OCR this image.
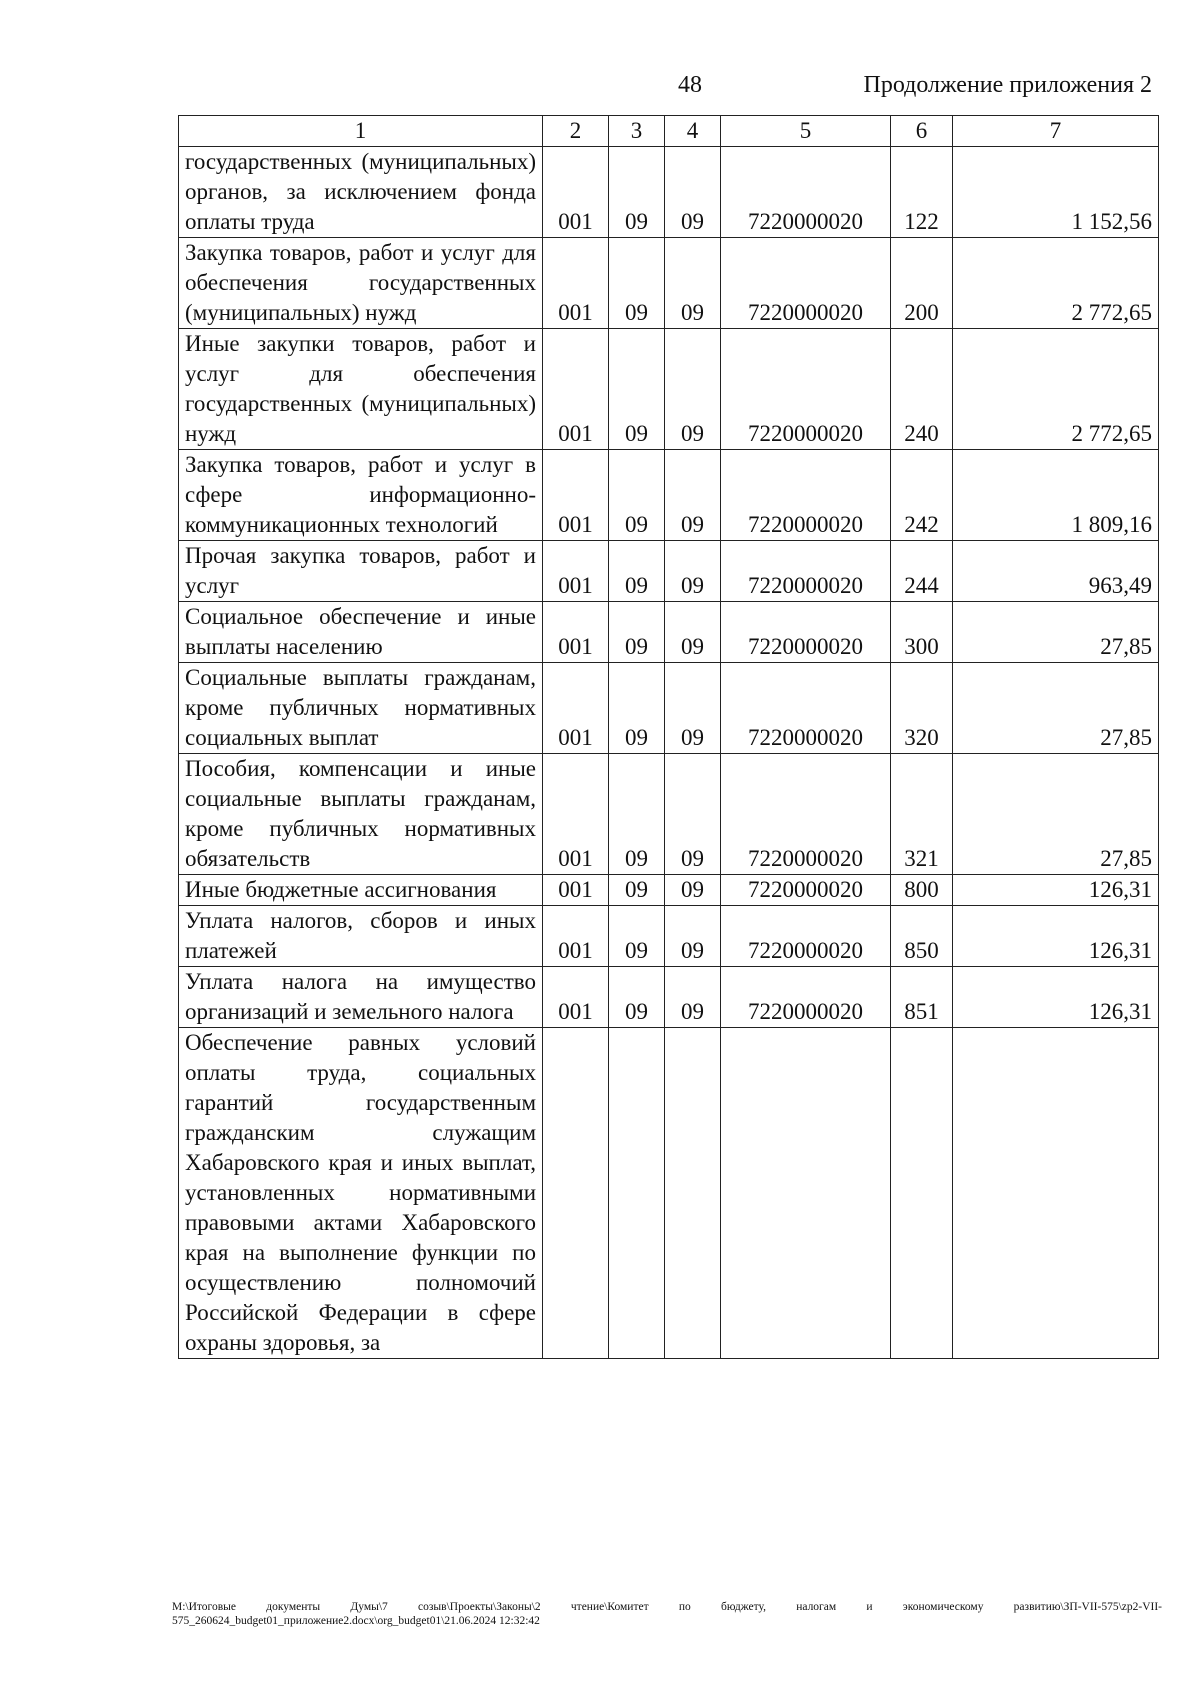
48	Продолжение приложения 2
1	2	3	4	5	6	7
государственных (муниципальных) органов, за исключением фонда оплаты труда	001	09	09	7220000020	122	1 152,56
Закупка товаров, работ и услуг для обеспечения государственных (муниципальных) нужд	001	09	09	7220000020	200	2 772,65
Иные закупки товаров, работ и услуг для обеспечения государственных (муниципальных) нужд	001	09	09	7220000020	240	2 772,65
Закупка товаров, работ и услуг в сфере информационно-коммуникационных технологий	001	09	09	7220000020	242	1 809,16
Прочая закупка товаров, работ и услуг	001	09	09	7220000020	244	963,49
Социальное обеспечение и иные выплаты населению	001	09	09	7220000020	300	27,85
Социальные выплаты гражданам, кроме публичных нормативных социальных выплат	001	09	09	7220000020	320	27,85
Пособия, компенсации и иные социальные выплаты гражданам, кроме публичных нормативных обязательств	001	09	09	7220000020	321	27,85
Иные бюджетные ассигнования	001	09	09	7220000020	800	126,31
Уплата налогов, сборов и иных платежей	001	09	09	7220000020	850	126,31
Уплата налога на имущество организаций и земельного налога	001	09	09	7220000020	851	126,31
Обеспечение равных условий оплаты труда, социальных гарантий государственным гражданским служащим Хабаровского края и иных выплат, установленных нормативными правовыми актами Хабаровского края на выполнение функции по осуществлению полномочий Российской Федерации в сфере охраны здоровья, за						
M:\Итоговые документы Думы\7 созыв\Проекты\Законы\2 чтение\Комитет по бюджету, налогам и экономическому развитию\ЗП-VII-575\zp2-VII-575_260624_budget01_приложение2.docx\org_budget01\21.06.2024 12:32:42
